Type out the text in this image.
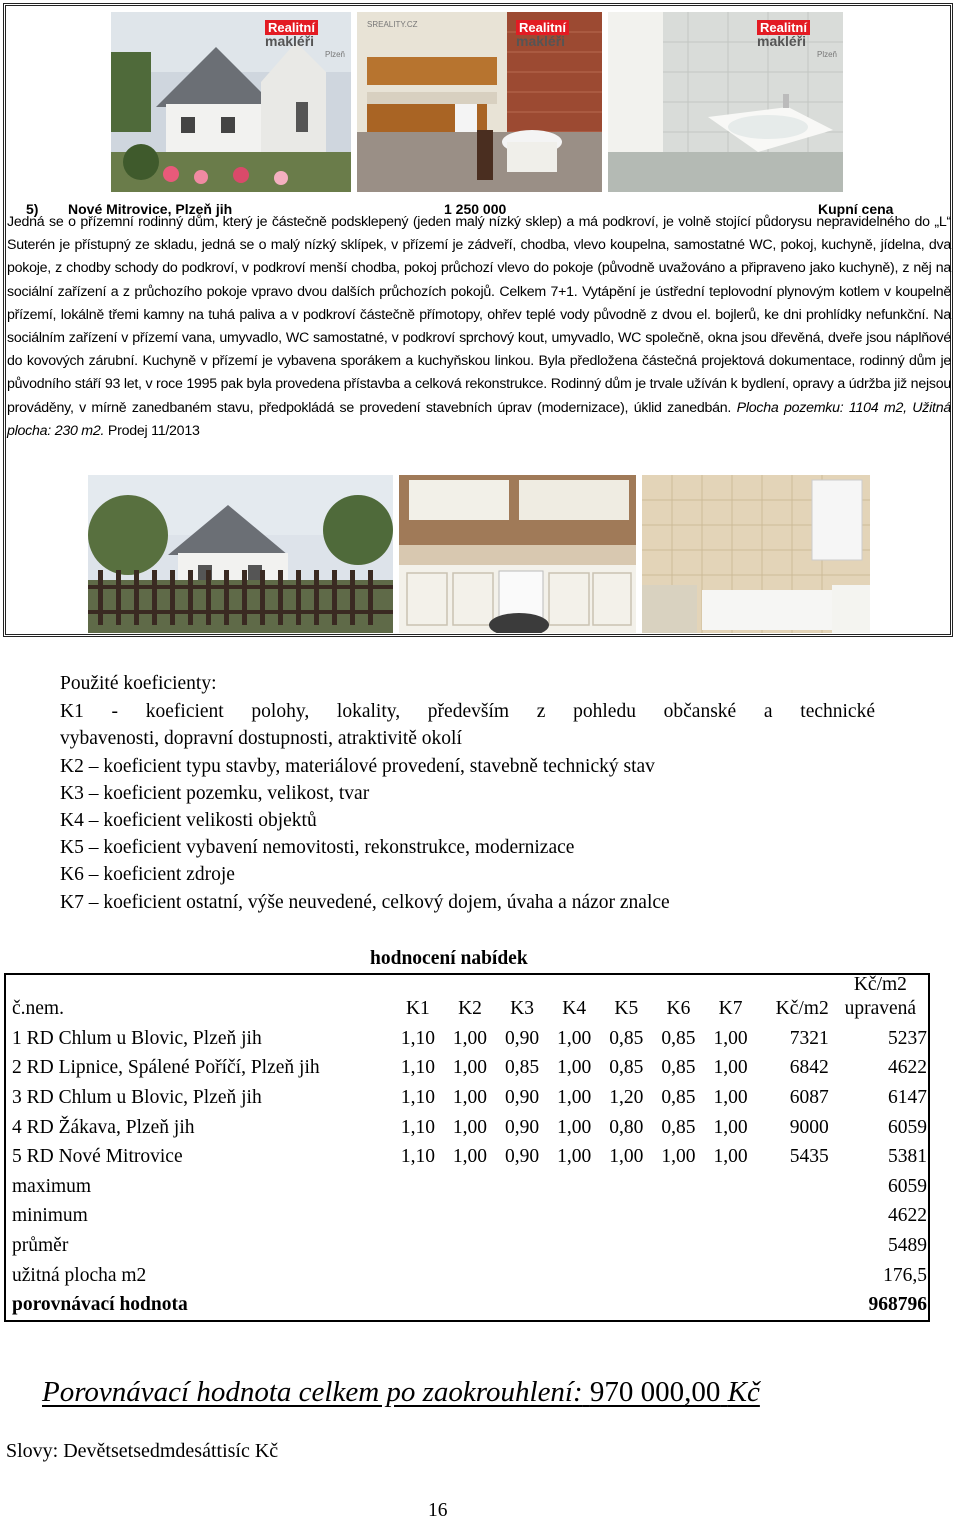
Realitní
makléři
Plzeň
SREALITY.CZ	Realitní
makléři
Realitní
makléři
Plzeň
5) Nové Mitrovice, Plzeň jih	1 250 000	Kupní cena
Jedná se o přízemní rodinný dům, který je částečně podsklepený (jeden malý nízký sklep) a má podkroví, je volně stojící půdorysu nepravidelného do „L“ Suterén je přístupný ze skladu, jedná se o malý nízký sklípek, v přízemí je zádveří, chodba, vlevo koupelna, samostatné WC, pokoj, kuchyně, jídelna, dva pokoje, z chodby schody do podkroví, v podkroví menší chodba, pokoj průchozí vlevo do pokoje (původně uvažováno a připraveno jako kuchyně), z něj na sociální zařízení a z průchozího pokoje vpravo dvou dalších průchozích pokojů. Celkem 7+1. Vytápění je ústřední teplovodní plynovým kotlem v koupelně přízemí, lokálně třemi kamny na tuhá paliva a v podkroví částečně přímotopy, ohřev teplé vody původně z dvou el. bojlerů, ke dni prohlídky nefunkční. Na sociálním zařízení v přízemí vana, umyvadlo, WC samostatné, v podkroví sprchový kout, umyvadlo, WC společně, okna jsou dřevěná, dveře jsou náplňové do kovových zárubní. Kuchyně v přízemí je vybavena sporákem a kuchyňskou linkou. Byla předložena částečná projektová dokumentace, rodinný dům je původního stáří 93 let, v roce 1995 pak byla provedena přístavba a celková rekonstrukce. Rodinný dům je trvale užíván k bydlení, opravy a údržba již nejsou prováděny, v mírně zanedbaném stavu, předpokládá se provedení stavebních úprav (modernizace), úklid zanedbán. Plocha pozemku: 1104 m2, Užitná plocha: 230 m2. Prodej 11/2013

Použité koeficienty:

K1 - koeficient polohy, lokality, především z pohledu občanské a technické

vybavenosti, dopravní dostupnosti, atraktivitě okolí

K2 – koeficient typu stavby, materiálové provedení, stavebně technický stav

K3 – koeficient pozemku, velikost, tvar

K4 – koeficient velikosti objektů

K5 – koeficient vybavení nemovitosti, rekonstrukce, modernizace

K6 – koeficient zdroje

K7 – koeficient ostatní, výše neuvedené, celkový dojem, úvaha a názor znalce

hodnocení nabídek
č.nem.	K1	K2	K3	K4	K5	K6	K7	Kč/m2	Kč/m2
upravená

1 RD Chlum u Blovic, Plzeň jih	1,10	1,00	0,90	1,00	0,85	0,85	1,00	7321	5237
2 RD Lipnice, Spálené Poříčí, Plzeň jih	1,10	1,00	0,85	1,00	0,85	0,85	1,00	6842	4622
3 RD Chlum u Blovic, Plzeň jih	1,10	1,00	0,90	1,00	1,20	0,85	1,00	6087	6147
4 RD Žákava, Plzeň jih	1,10	1,00	0,90	1,00	0,80	0,85	1,00	9000	6059
5 RD Nové Mitrovice	1,10	1,00	0,90	1,00	1,00	1,00	1,00	5435	5381
maximum									6059
minimum									4622
průměr									5489
užitná plocha m2									176,5
porovnávací hodnota									968796
Porovnávací hodnota celkem po zaokrouhlení: 970 000,00 Kč
Slovy: Devětsetsedmdesáttisíc Kč
16
